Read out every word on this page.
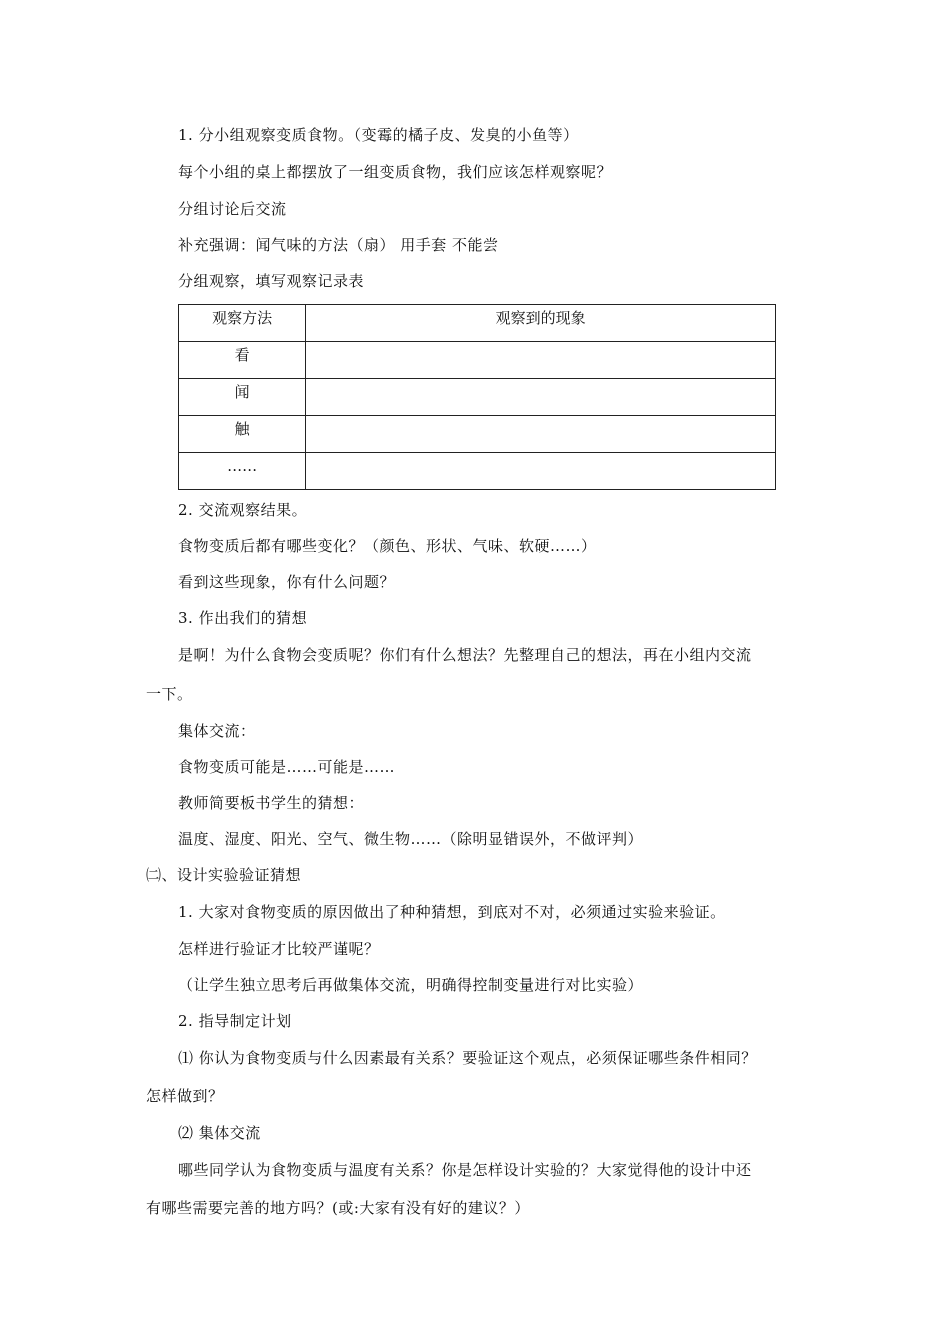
1. 分小组观察变质食物。（变霉的橘子皮、发臭的小鱼等）
每个小组的桌上都摆放了一组变质食物，我们应该怎样观察呢？
分组讨论后交流
补充强调：闻气味的方法（扇） 用手套 不能尝
分组观察，填写观察记录表
观察方法	观察到的现象
看	
闻	
触	
……	
2. 交流观察结果。
食物变质后都有哪些变化？（颜色、形状、气味、软硬……）
看到这些现象，你有什么问题？
3. 作出我们的猜想
是啊！为什么食物会变质呢？你们有什么想法？先整理自己的想法，再在小组内交流
一下。
集体交流：
食物变质可能是……可能是……
教师简要板书学生的猜想：
温度、湿度、阳光、空气、微生物……（除明显错误外，不做评判）
㈡、设计实验验证猜想
1. 大家对食物变质的原因做出了种种猜想，到底对不对，必须通过实验来验证。
怎样进行验证才比较严谨呢？
（让学生独立思考后再做集体交流，明确得控制变量进行对比实验）
2. 指导制定计划
⑴ 你认为食物变质与什么因素最有关系？要验证这个观点，必须保证哪些条件相同？
怎样做到？
⑵ 集体交流
哪些同学认为食物变质与温度有关系？你是怎样设计实验的？大家觉得他的设计中还
有哪些需要完善的地方吗？(或:大家有没有好的建议？）
